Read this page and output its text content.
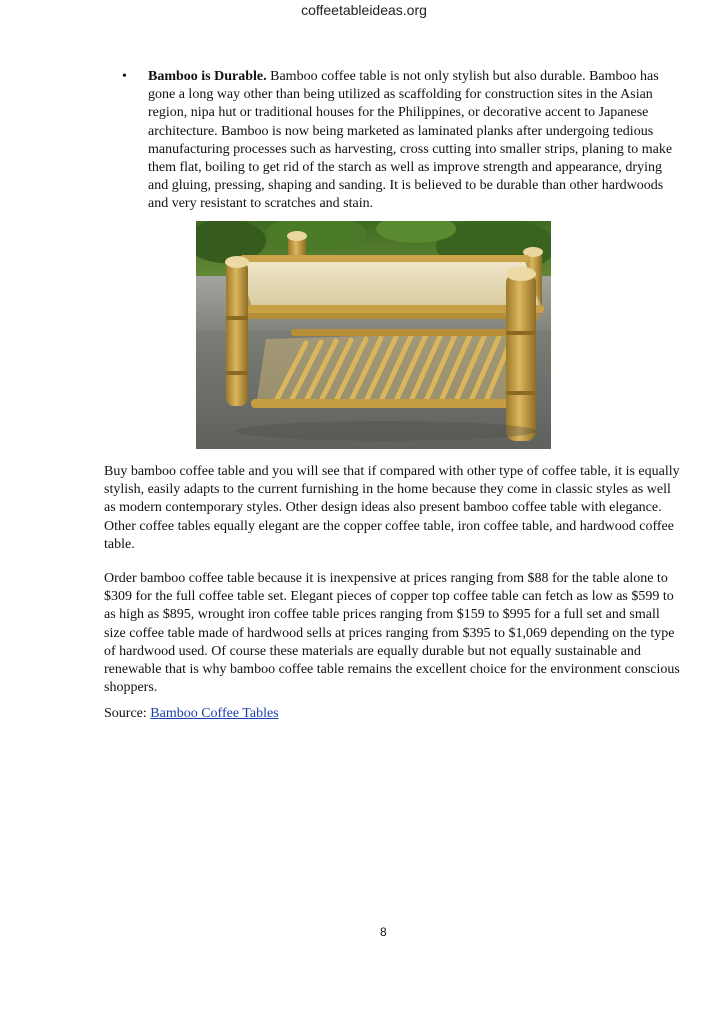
coffeetableideas.org
• Bamboo is Durable. Bamboo coffee table is not only stylish but also durable. Bamboo has gone a long way other than being utilized as scaffolding for construction sites in the Asian region, nipa hut or traditional houses for the Philippines, or decorative accent to Japanese architecture. Bamboo is now being marketed as laminated planks after undergoing tedious manufacturing processes such as harvesting, cross cutting into smaller strips, planing to make them flat, boiling to get rid of the starch as well as improve strength and appearance, drying and gluing, pressing, shaping and sanding. It is believed to be durable than other hardwoods and very resistant to scratches and stain.
Buy bamboo coffee table and you will see that if compared with other type of coffee table, it is equally stylish, easily adapts to the current furnishing in the home because they come in classic styles as well as modern contemporary styles. Other design ideas also present bamboo coffee table with elegance. Other coffee tables equally elegant are the copper coffee table, iron coffee table, and hardwood coffee table.
Order bamboo coffee table because it is inexpensive at prices ranging from $88 for the table alone to $309 for the full coffee table set. Elegant pieces of copper top coffee table can fetch as low as $599 to as high as $895, wrought iron coffee table prices ranging from $159 to $995 for a full set and small size coffee table made of hardwood sells at prices ranging from $395 to $1,069 depending on the type of hardwood used. Of course these materials are equally durable but not equally sustainable and renewable that is why bamboo coffee table remains the excellent choice for the environment conscious shoppers.
Source: Bamboo Coffee Tables
8
